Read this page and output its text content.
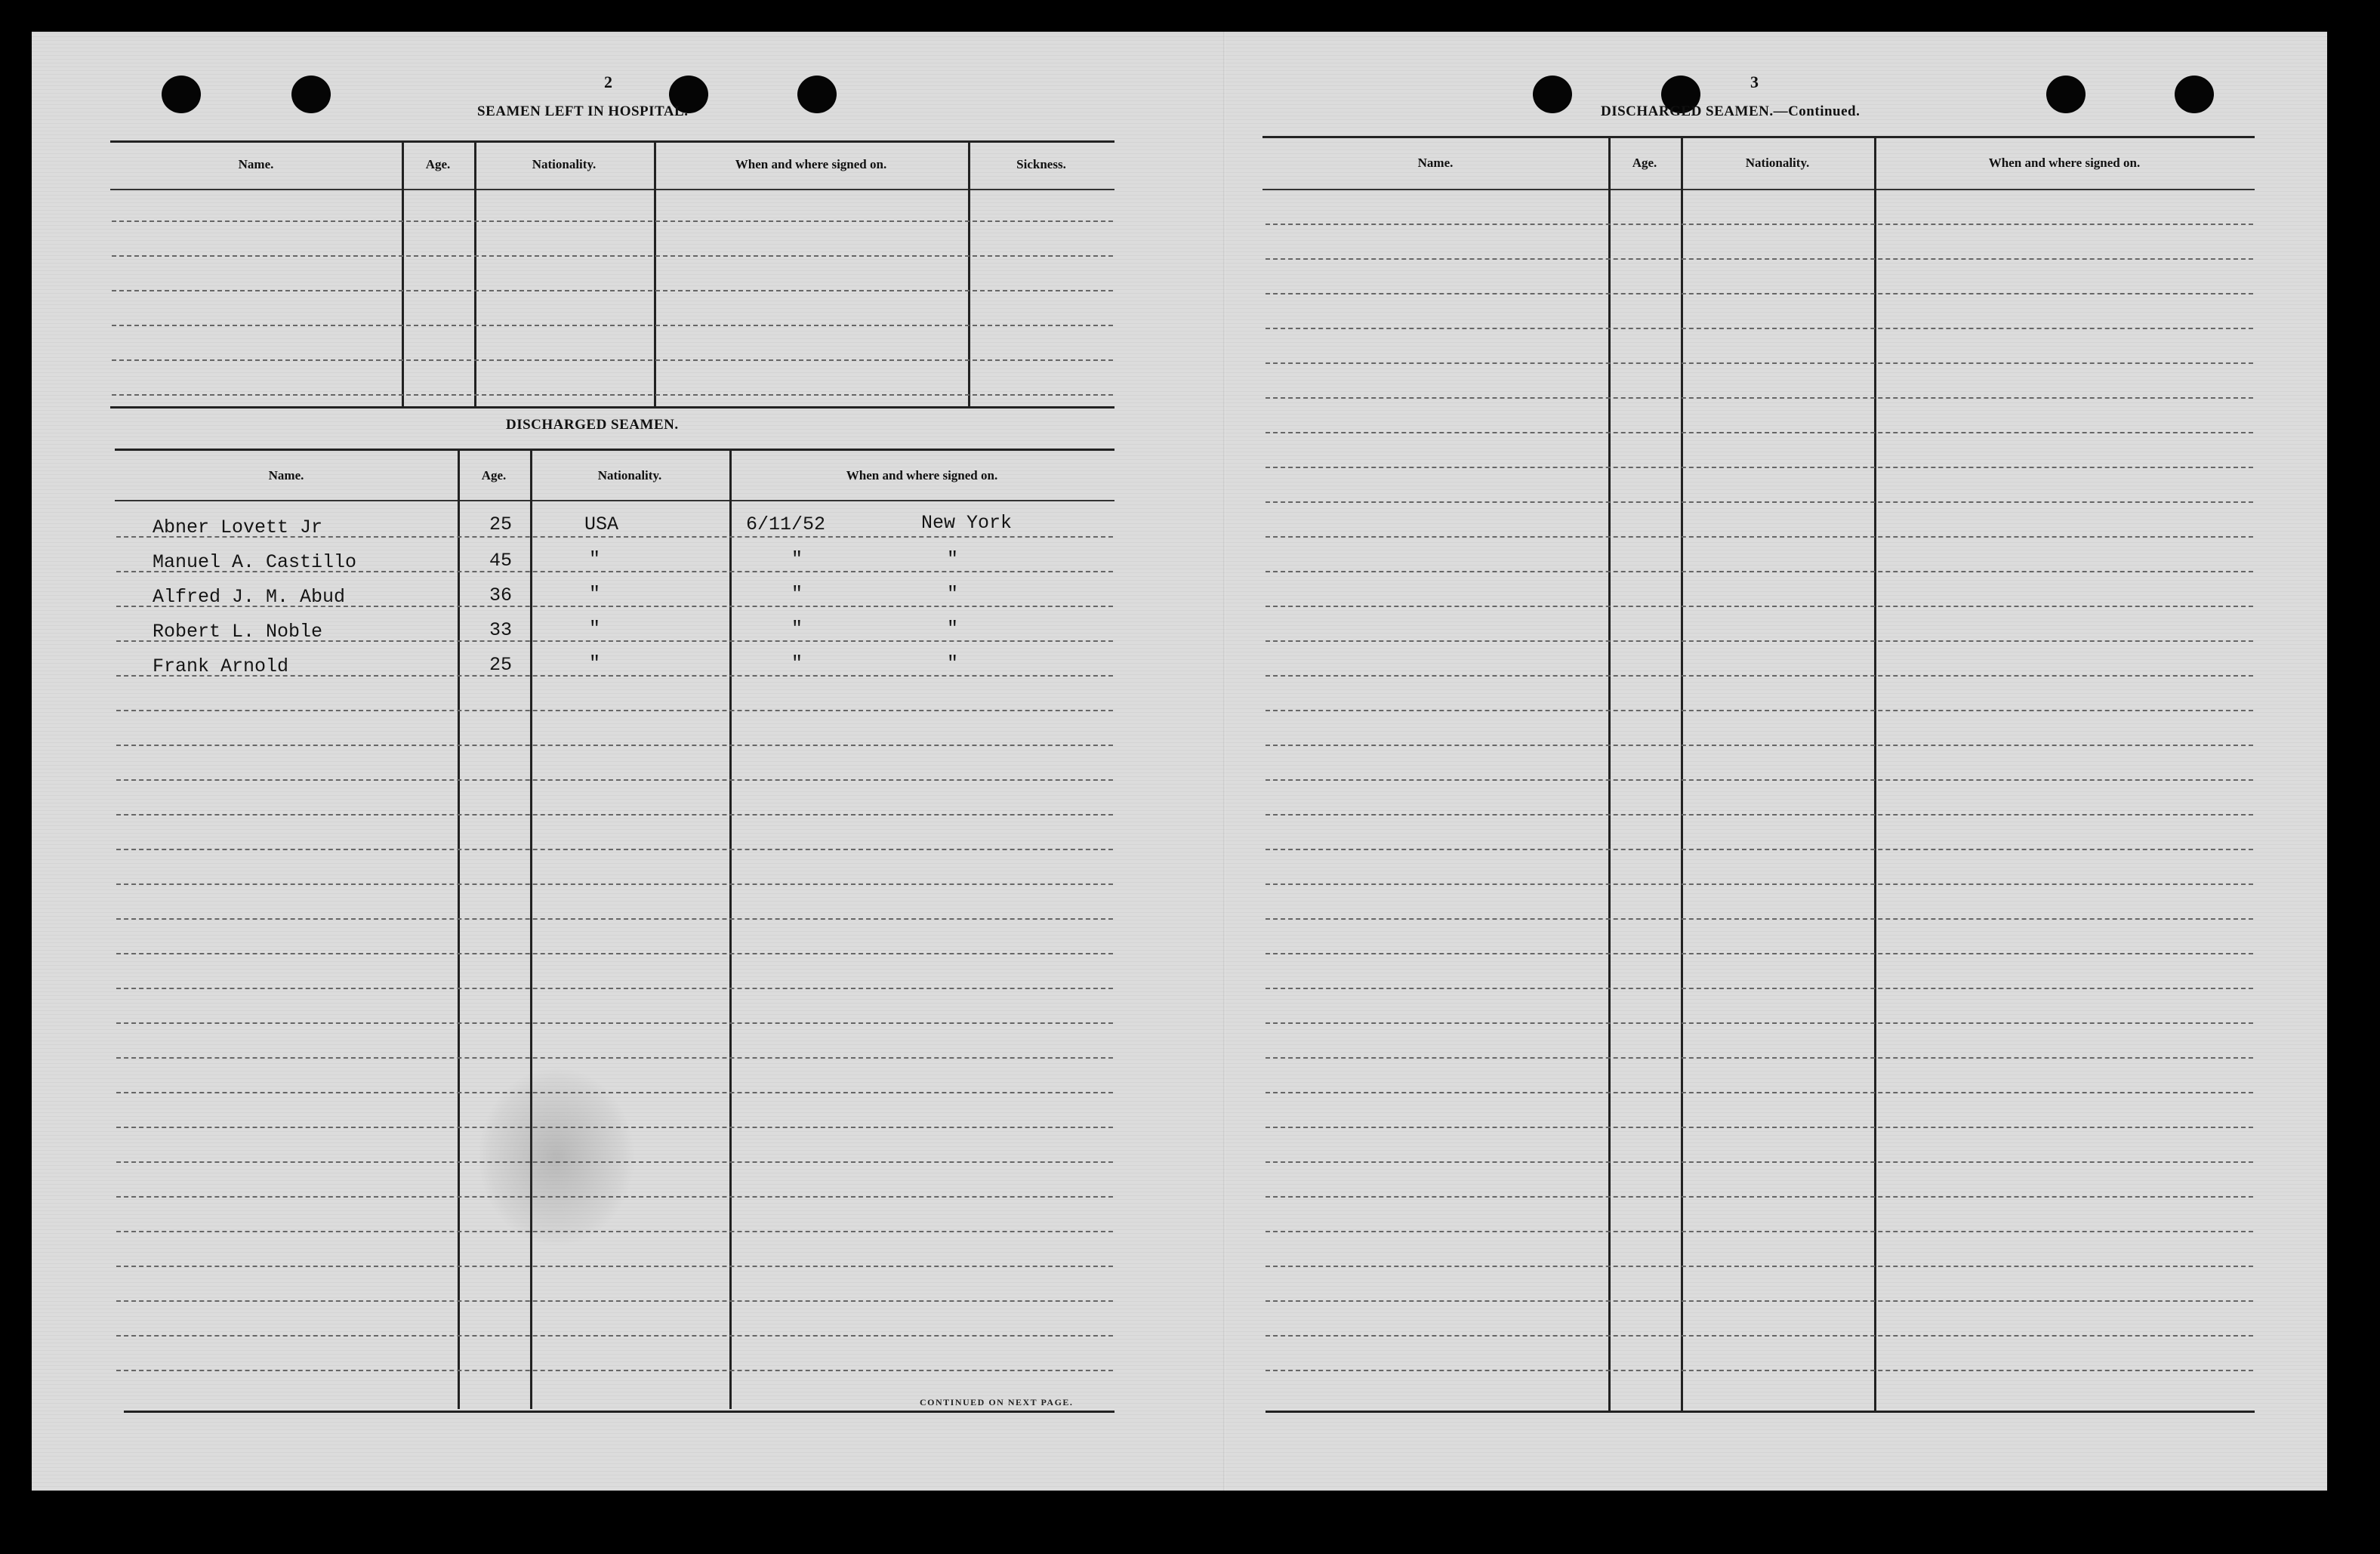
2
SEAMEN LEFT IN HOSPITAL.
Name.	Age.	Nationality.	When and where signed on.	Sickness.
DISCHARGED SEAMEN.
Name.	Age.	Nationality.	When and where signed on.
Abner Lovett Jr	25	USA	6/11/52	New York
Manuel A. Castillo	45	"	"	"
Alfred J. M. Abud	36	"	"	"
Robert L. Noble	33	"	"	"
Frank Arnold	25	"	"	"
CONTINUED ON NEXT PAGE.
3
DISCHARGED SEAMEN.—Continued.
Name.	Age.	Nationality.	When and where signed on.
